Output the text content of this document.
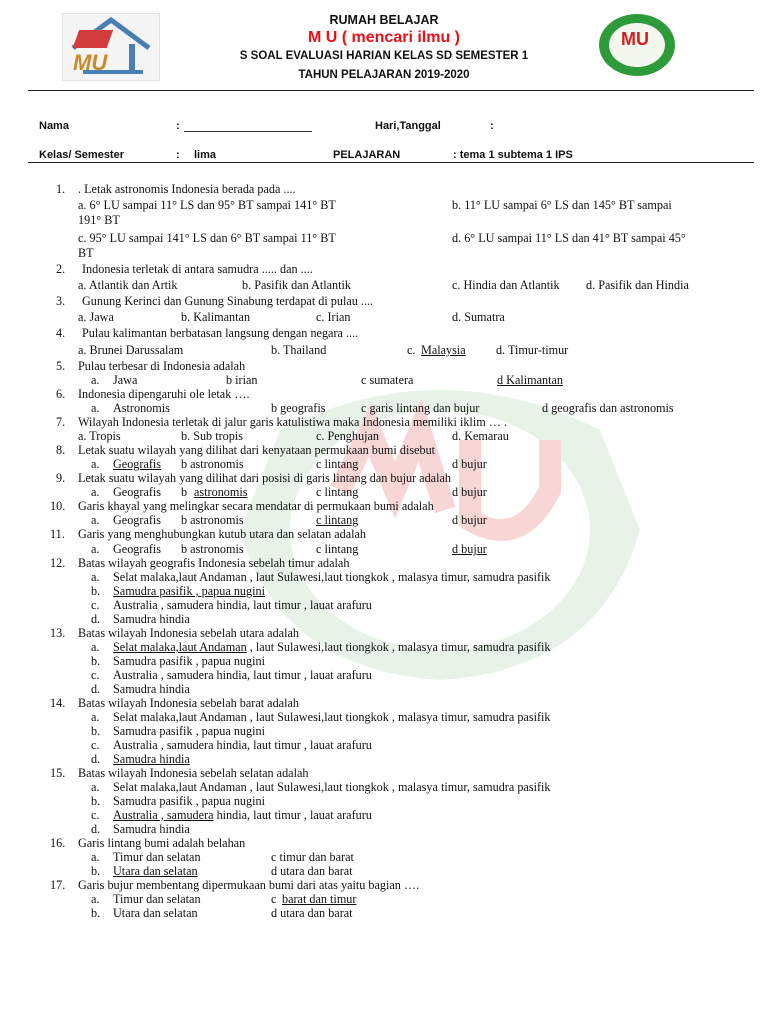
MU
MU
RUMAH BELAJAR
M U ( mencari ilmu )
S SOAL EVALUASI HARIAN KELAS SD SEMESTER 1
TAHUN PELAJARAN 2019-2020
Nama	:	Hari,Tanggal	:
Kelas/ Semester	: lima	PELAJARAN	: tema 1 subtema 1 IPS
1. . Letak astronomis Indonesia berada pada ....
a. 6° LU sampai 11° LS dan 95° BT sampai 141° BT	b. 11° LU sampai 6° LS dan 145° BT sampai
191° BT
c. 95° LU sampai 141° LS dan 6° BT sampai 11° BT	d. 6° LU sampai 11° LS dan 41° BT sampai 45°
BT
2. Indonesia terletak di antara samudra ..... dan ....
a. Atlantik dan Artik	b. Pasifik dan Atlantik	c. Hindia dan Atlantik d. Pasifik dan Hindia
3. Gunung Kerinci dan Gunung Sinabung terdapat di pulau ....
a. Jawa	b. Kalimantan	c. Irian	d. Sumatra
4. Pulau kalimantan berbatasan langsung dengan negara ....
a. Brunei Darussalam	b. Thailand	c. Malaysia d. Timur-timur
5. Pulau terbesar di Indonesia adalah
a. Jawa	b irian	c sumatera	d Kalimantan
6. Indonesia dipengaruhi ole letak ….
a. Astronomis	b geografis	c garis lintang dan bujur	d geografis dan astronomis
7. Wilayah Indonesia terletak di jalur garis katulistiwa maka Indonesia memiliki iklim … .
a. Tropis	b. Sub tropis	c. Penghujan	d. Kemarau
8. Letak suatu wilayah yang dilihat dari kenyataan permukaan bumi disebut
a. Geografis b astronomis	c lintang	d bujur
9. Letak suatu wilayah yang dilihat dari posisi di garis lintang dan bujur adalah
a. Geografis b astronomis	c lintang	d bujur
10. Garis khayal yang melingkar secara mendatar di permukaan bumi adalah
a. Geografis b astronomis	c lintang	d bujur
11. Garis yang menghubungkan kutub utara dan selatan adalah
a. Geografis b astronomis	c lintang	d bujur
12. Batas wilayah geografis Indonesia sebelah timur adalah
a. Selat malaka,laut Andaman , laut Sulawesi,laut tiongkok , malasya timur, samudra pasifik
b. Samudra pasifik , papua nugini
c. Australia , samudera hindia, laut timur , lauat arafuru
d. Samudra hindia
13. Batas wilayah Indonesia sebelah utara adalah
a. Selat malaka,laut Andaman , laut Sulawesi,laut tiongkok , malasya timur, samudra pasifik
b. Samudra pasifik , papua nugini
c. Australia , samudera hindia, laut timur , lauat arafuru
d. Samudra hindia
14. Batas wilayah Indonesia sebelah barat adalah
a. Selat malaka,laut Andaman , laut Sulawesi,laut tiongkok , malasya timur, samudra pasifik
b. Samudra pasifik , papua nugini
c. Australia , samudera hindia, laut timur , lauat arafuru
d. Samudra hindia
15. Batas wilayah Indonesia sebelah selatan adalah
a. Selat malaka,laut Andaman , laut Sulawesi,laut tiongkok , malasya timur, samudra pasifik
b. Samudra pasifik , papua nugini
c. Australia , samudera hindia, laut timur , lauat arafuru
d. Samudra hindia
16. Garis lintang bumi adalah belahan
a. Timur dan selatan	c timur dan barat
b. Utara dan selatan	d utara dan barat
17. Garis bujur membentang dipermukaan bumi dari atas yaitu bagian ….
a. Timur dan selatan	c barat dan timur
b. Utara dan selatan	d utara dan barat
